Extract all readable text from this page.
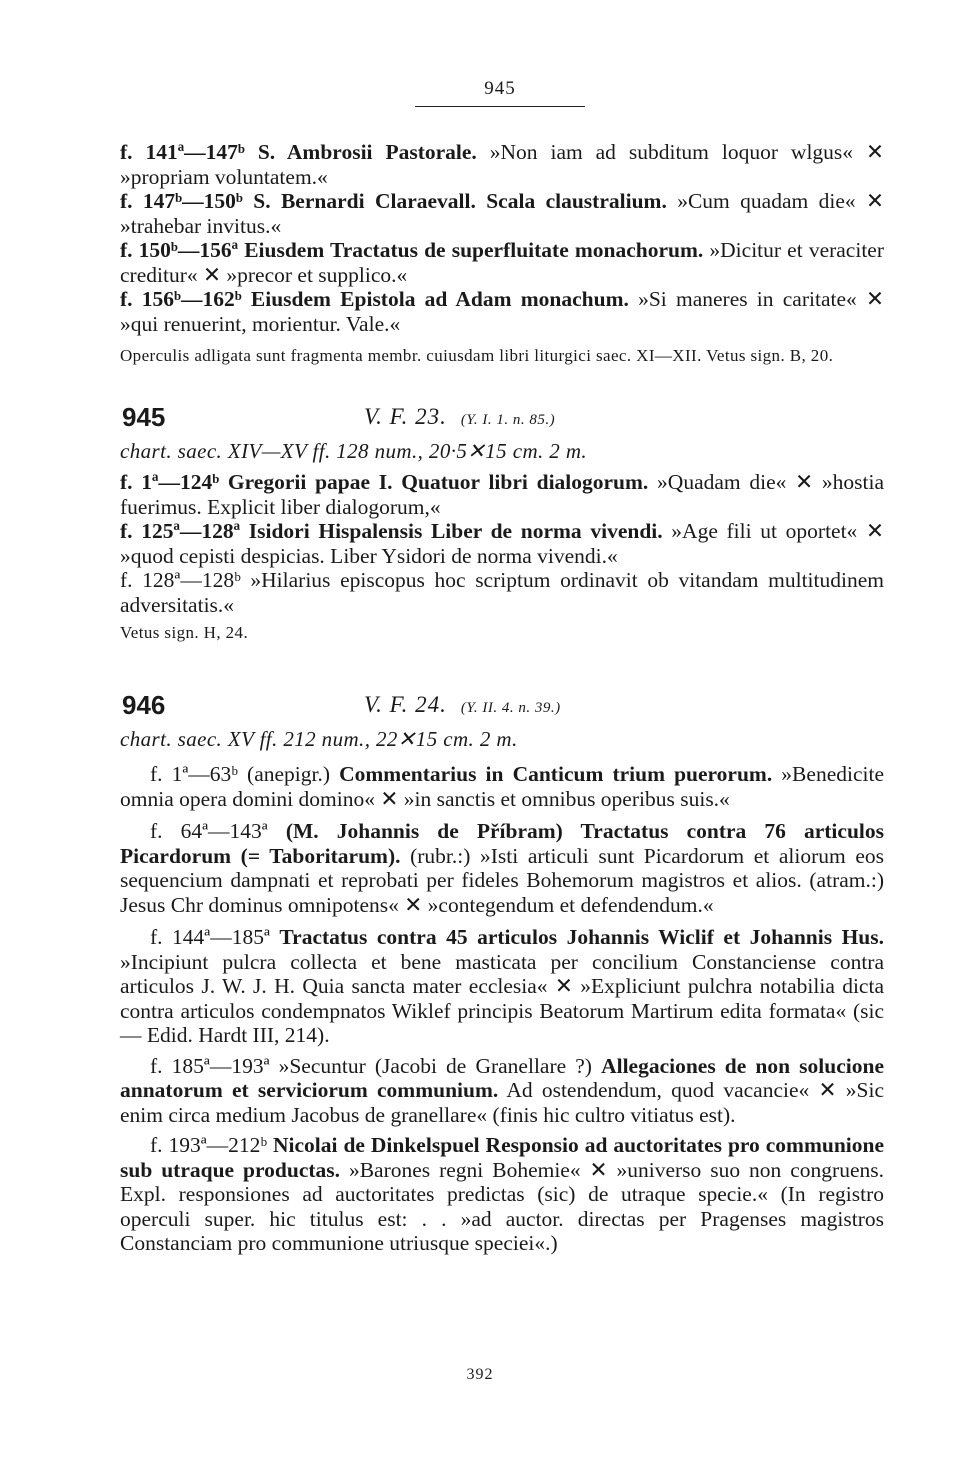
945

f. 141ª—147ᵇ S. Ambrosii Pastorale. »Non iam ad subditum loquor wlgus« ✕ »propriam voluntatem.«

f. 147ᵇ—150ᵇ S. Bernardi Claraevall. Scala claustralium. »Cum quadam die« ✕ »trahebar invitus.«

f. 150ᵇ—156ª Eiusdem Tractatus de superfluitate monachorum. »Dicitur et veraciter creditur« ✕ »precor et supplico.«

f. 156ᵇ—162ᵇ Eiusdem Epistola ad Adam monachum. »Si maneres in caritate« ✕ »qui renuerint, morientur. Vale.«

Operculis adligata sunt fragmenta membr. cuiusdam libri liturgici saec. XI—XII. Vetus sign. B, 20.

945	V. F. 23. (Y. I. 1. n. 85.)

chart. saec. XIV—XV ff. 128 num., 20·5✕15 cm. 2 m.

f. 1ª—124ᵇ Gregorii papae I. Quatuor libri dialogorum. »Quadam die« ✕ »hostia fuerimus. Explicit liber dialogorum,«

f. 125ª—128ª Isidori Hispalensis Liber de norma vivendi. »Age fili ut oportet« ✕ »quod cepisti despicias. Liber Ysidori de norma vivendi.«

f. 128ª—128ᵇ »Hilarius episcopus hoc scriptum ordinavit ob vitandam multitudinem adversitatis.«

Vetus sign. H, 24.

946	V. F. 24. (Y. II. 4. n. 39.)

chart. saec. XV ff. 212 num., 22✕15 cm. 2 m.

f. 1ª—63ᵇ (anepigr.) Commentarius in Canticum trium puerorum. »Benedicite omnia opera domini domino« ✕ »in sanctis et omnibus operibus suis.«

f. 64ª—143ª (M. Johannis de Příbram) Tractatus contra 76 articulos Picardorum (= Taboritarum). (rubr.:) »Isti articuli sunt Picardorum et aliorum eos sequencium dampnati et reprobati per fideles Bohemorum magistros et alios. (atram.:) Jesus Chr dominus omnipotens« ✕ »contegendum et defendendum.«

f. 144ª—185ª Tractatus contra 45 articulos Johannis Wiclif et Johannis Hus. »Incipiunt pulcra collecta et bene masticata per concilium Constanciense contra articulos J. W. J. H. Quia sancta mater ecclesia« ✕ »Expliciunt pulchra notabilia dicta contra articulos condempnatos Wiklef principis Beatorum Martirum edita formata« (sic — Edid. Hardt III, 214).

f. 185ª—193ª »Secuntur (Jacobi de Granellare ?) Allegaciones de non solucione annatorum et serviciorum communium. Ad ostendendum, quod vacancie« ✕ »Sic enim circa medium Jacobus de granellare« (finis hic cultro vitiatus est).

f. 193ª—212ᵇ Nicolai de Dinkelspuel Responsio ad auctoritates pro communione sub utraque productas. »Barones regni Bohemie« ✕ »universo suo non congruens. Expl. responsiones ad auctoritates predictas (sic) de utraque specie.« (In registro operculi super. hic titulus est: . . »ad auctor. directas per Pragenses magistros Constanciam pro communione utriusque speciei«.)

392
